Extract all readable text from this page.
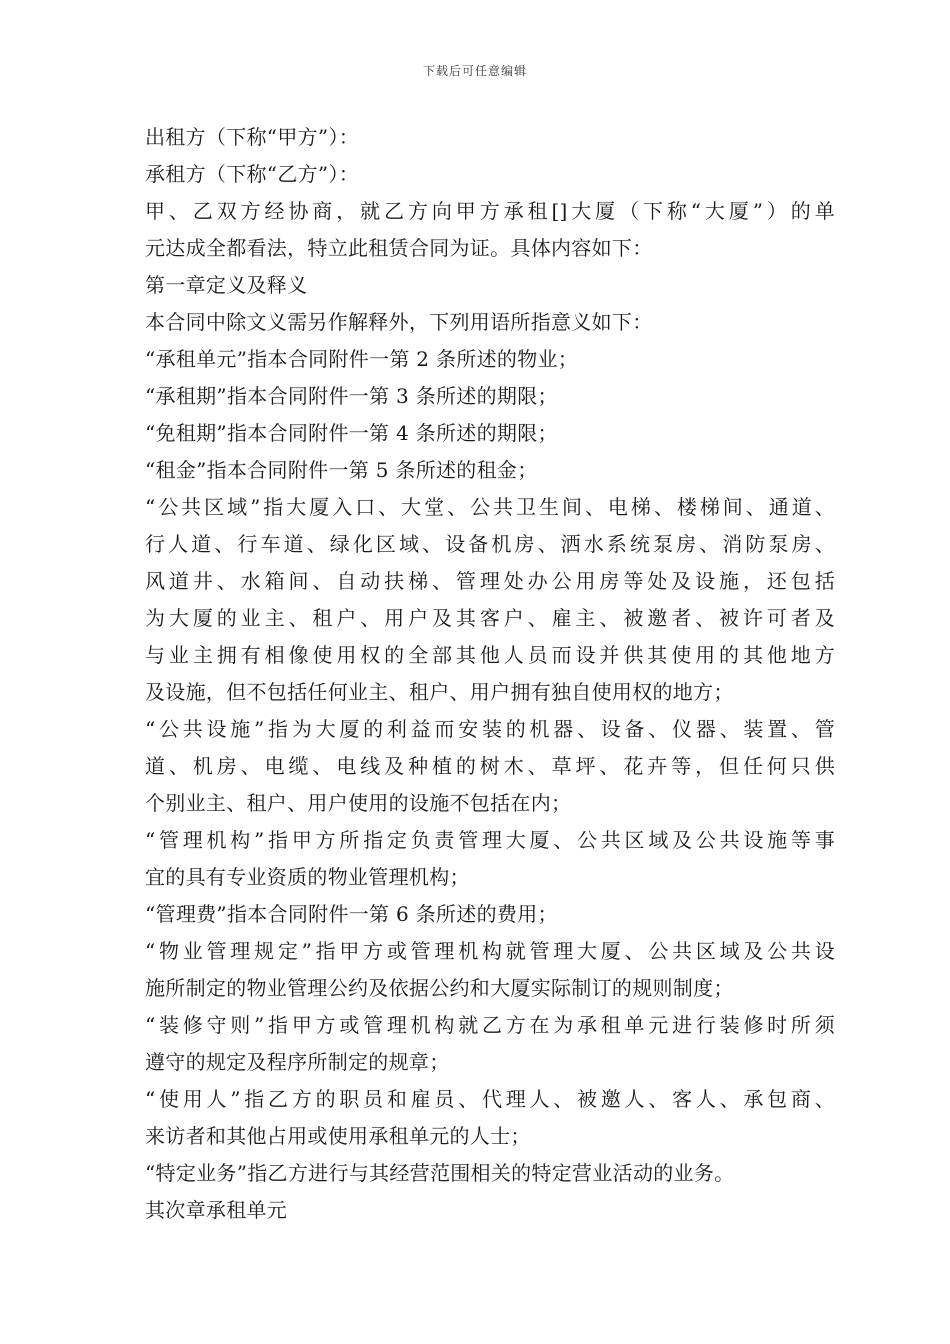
下载后可任意编辑
出租方（下称“甲方”）：
承租方（下称“乙方”）：
甲、乙双方经协商，就乙方向甲方承租[]大厦（下称“大厦”）的单
元达成全都看法，特立此租赁合同为证。具体内容如下：
第一章定义及释义
本合同中除文义需另作解释外，下列用语所指意义如下：
“承租单元”指本合同附件一第 2 条所述的物业；
“承租期”指本合同附件一第 3 条所述的期限；
“免租期”指本合同附件一第 4 条所述的期限；
“租金”指本合同附件一第 5 条所述的租金；
“公共区域”指大厦入口、大堂、公共卫生间、电梯、楼梯间、通道、
行人道、行车道、绿化区域、设备机房、洒水系统泵房、消防泵房、
风道井、水箱间、自动扶梯、管理处办公用房等处及设施，还包括
为大厦的业主、租户、用户及其客户、雇主、被邀者、被许可者及
与业主拥有相像使用权的全部其他人员而设并供其使用的其他地方
及设施，但不包括任何业主、租户、用户拥有独自使用权的地方；
“公共设施”指为大厦的利益而安装的机器、设备、仪器、装置、管
道、机房、电缆、电线及种植的树木、草坪、花卉等，但任何只供
个别业主、租户、用户使用的设施不包括在内；
“管理机构”指甲方所指定负责管理大厦、公共区域及公共设施等事
宜的具有专业资质的物业管理机构；
“管理费”指本合同附件一第 6 条所述的费用；
“物业管理规定”指甲方或管理机构就管理大厦、公共区域及公共设
施所制定的物业管理公约及依据公约和大厦实际制订的规则制度；
“装修守则”指甲方或管理机构就乙方在为承租单元进行装修时所须
遵守的规定及程序所制定的规章；
“使用人”指乙方的职员和雇员、代理人、被邀人、客人、承包商、
来访者和其他占用或使用承租单元的人士；
“特定业务”指乙方进行与其经营范围相关的特定营业活动的业务。
其次章承租单元
